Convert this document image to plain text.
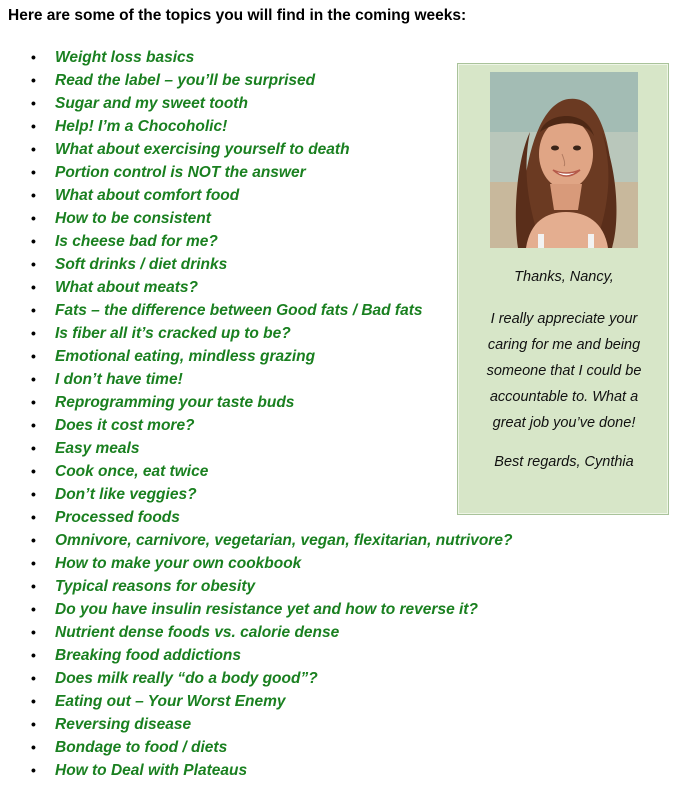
Here are some of the topics you will find in the coming weeks:
• Weight loss basics
• Read the label – you’ll be surprised
• Sugar and my sweet tooth
• Help! I’m a Chocoholic!
• What about exercising yourself to death
• Portion control is NOT the answer
• What about comfort food
• How to be consistent
• Is cheese bad for me?
• Soft drinks / diet drinks
• What about meats?
• Fats – the difference between Good fats / Bad fats
• Is fiber all it’s cracked up to be?
• Emotional eating, mindless grazing
• I don’t have time!
• Reprogramming your taste buds
• Does it cost more?
• Easy meals
• Cook once, eat twice
• Don’t like veggies?
• Processed foods
• Omnivore, carnivore, vegetarian, vegan, flexitarian, nutrivore?
• How to make your own cookbook
• Typical reasons for obesity
• Do you have insulin resistance yet and how to reverse it?
• Nutrient dense foods vs. calorie dense
• Breaking food addictions
• Does milk really “do a body good”?
• Eating out – Your Worst Enemy
• Reversing disease
• Bondage to food / diets
• How to Deal with Plateaus
Thanks, Nancy,
I really appreciate your
caring for me and being
someone that I could be
accountable to. What a
great job you’ve done!
Best regards, Cynthia
